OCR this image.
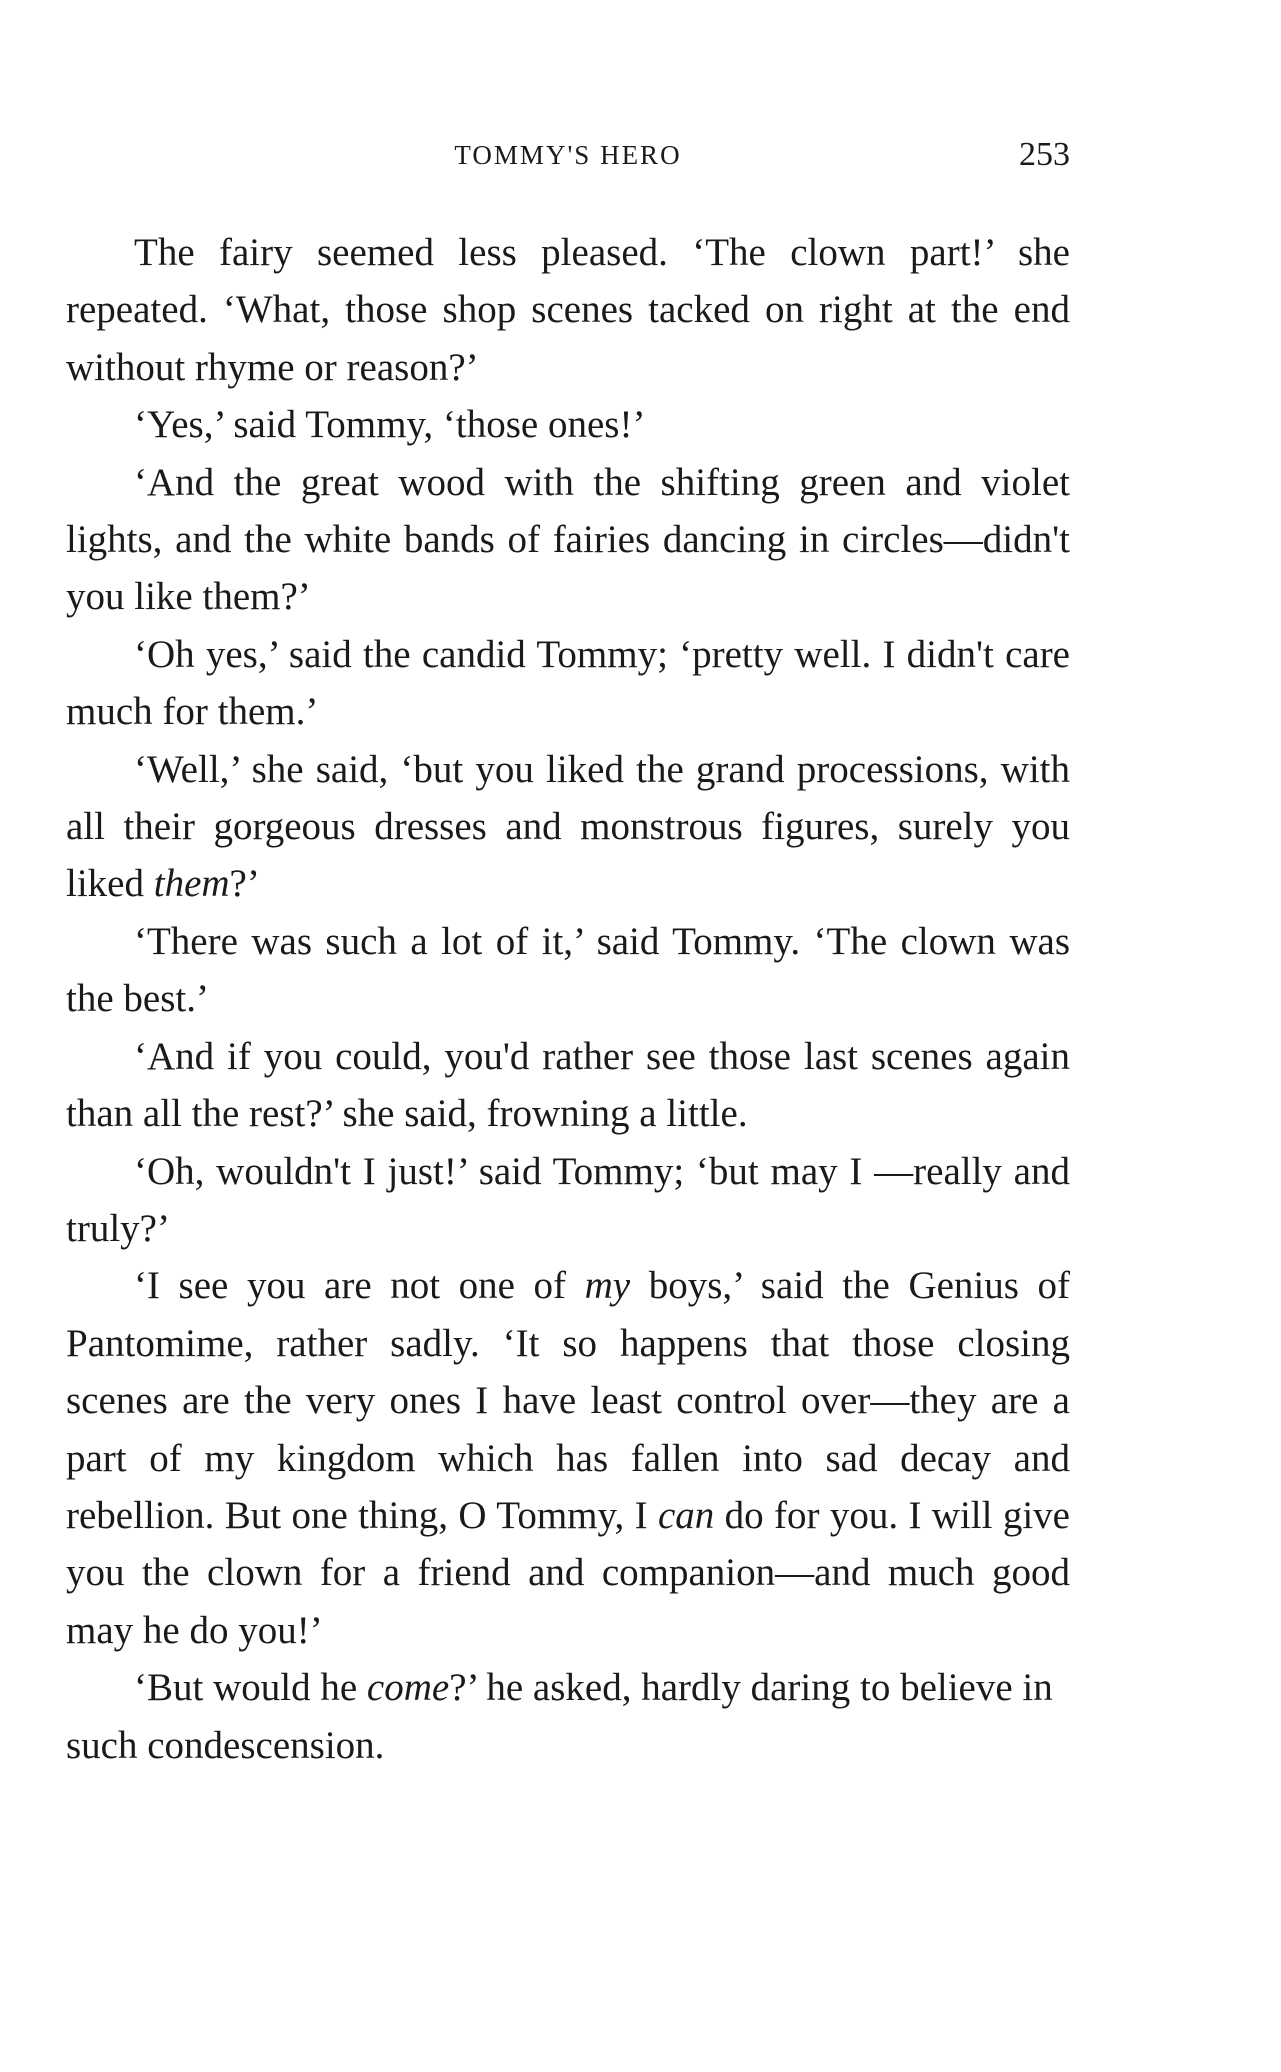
TOMMY'S HERO	253

The fairy seemed less pleased. ‘The clown part!’ she repeated. ‘What, those shop scenes tacked on right at the end without rhyme or reason?’

‘Yes,’ said Tommy, ‘those ones!’

‘And the great wood with the shifting green and violet lights, and the white bands of fairies dancing in circles—didn't you like them?’

‘Oh yes,’ said the candid Tommy; ‘pretty well. I didn't care much for them.’

‘Well,’ she said, ‘but you liked the grand processions, with all their gorgeous dresses and monstrous figures, surely you liked them?’

‘There was such a lot of it,’ said Tommy. ‘The clown was the best.’

‘And if you could, you'd rather see those last scenes again than all the rest?’ she said, frowning a little.

‘Oh, wouldn't I just!’ said Tommy; ‘but may I —really and truly?’

‘I see you are not one of my boys,’ said the Genius of Pantomime, rather sadly. ‘It so happens that those closing scenes are the very ones I have least control over—they are a part of my kingdom which has fallen into sad decay and rebellion. But one thing, O Tommy, I can do for you. I will give you the clown for a friend and companion—and much good may he do you!’

‘But would he come?’ he asked, hardly daring to believe in such condescension.
